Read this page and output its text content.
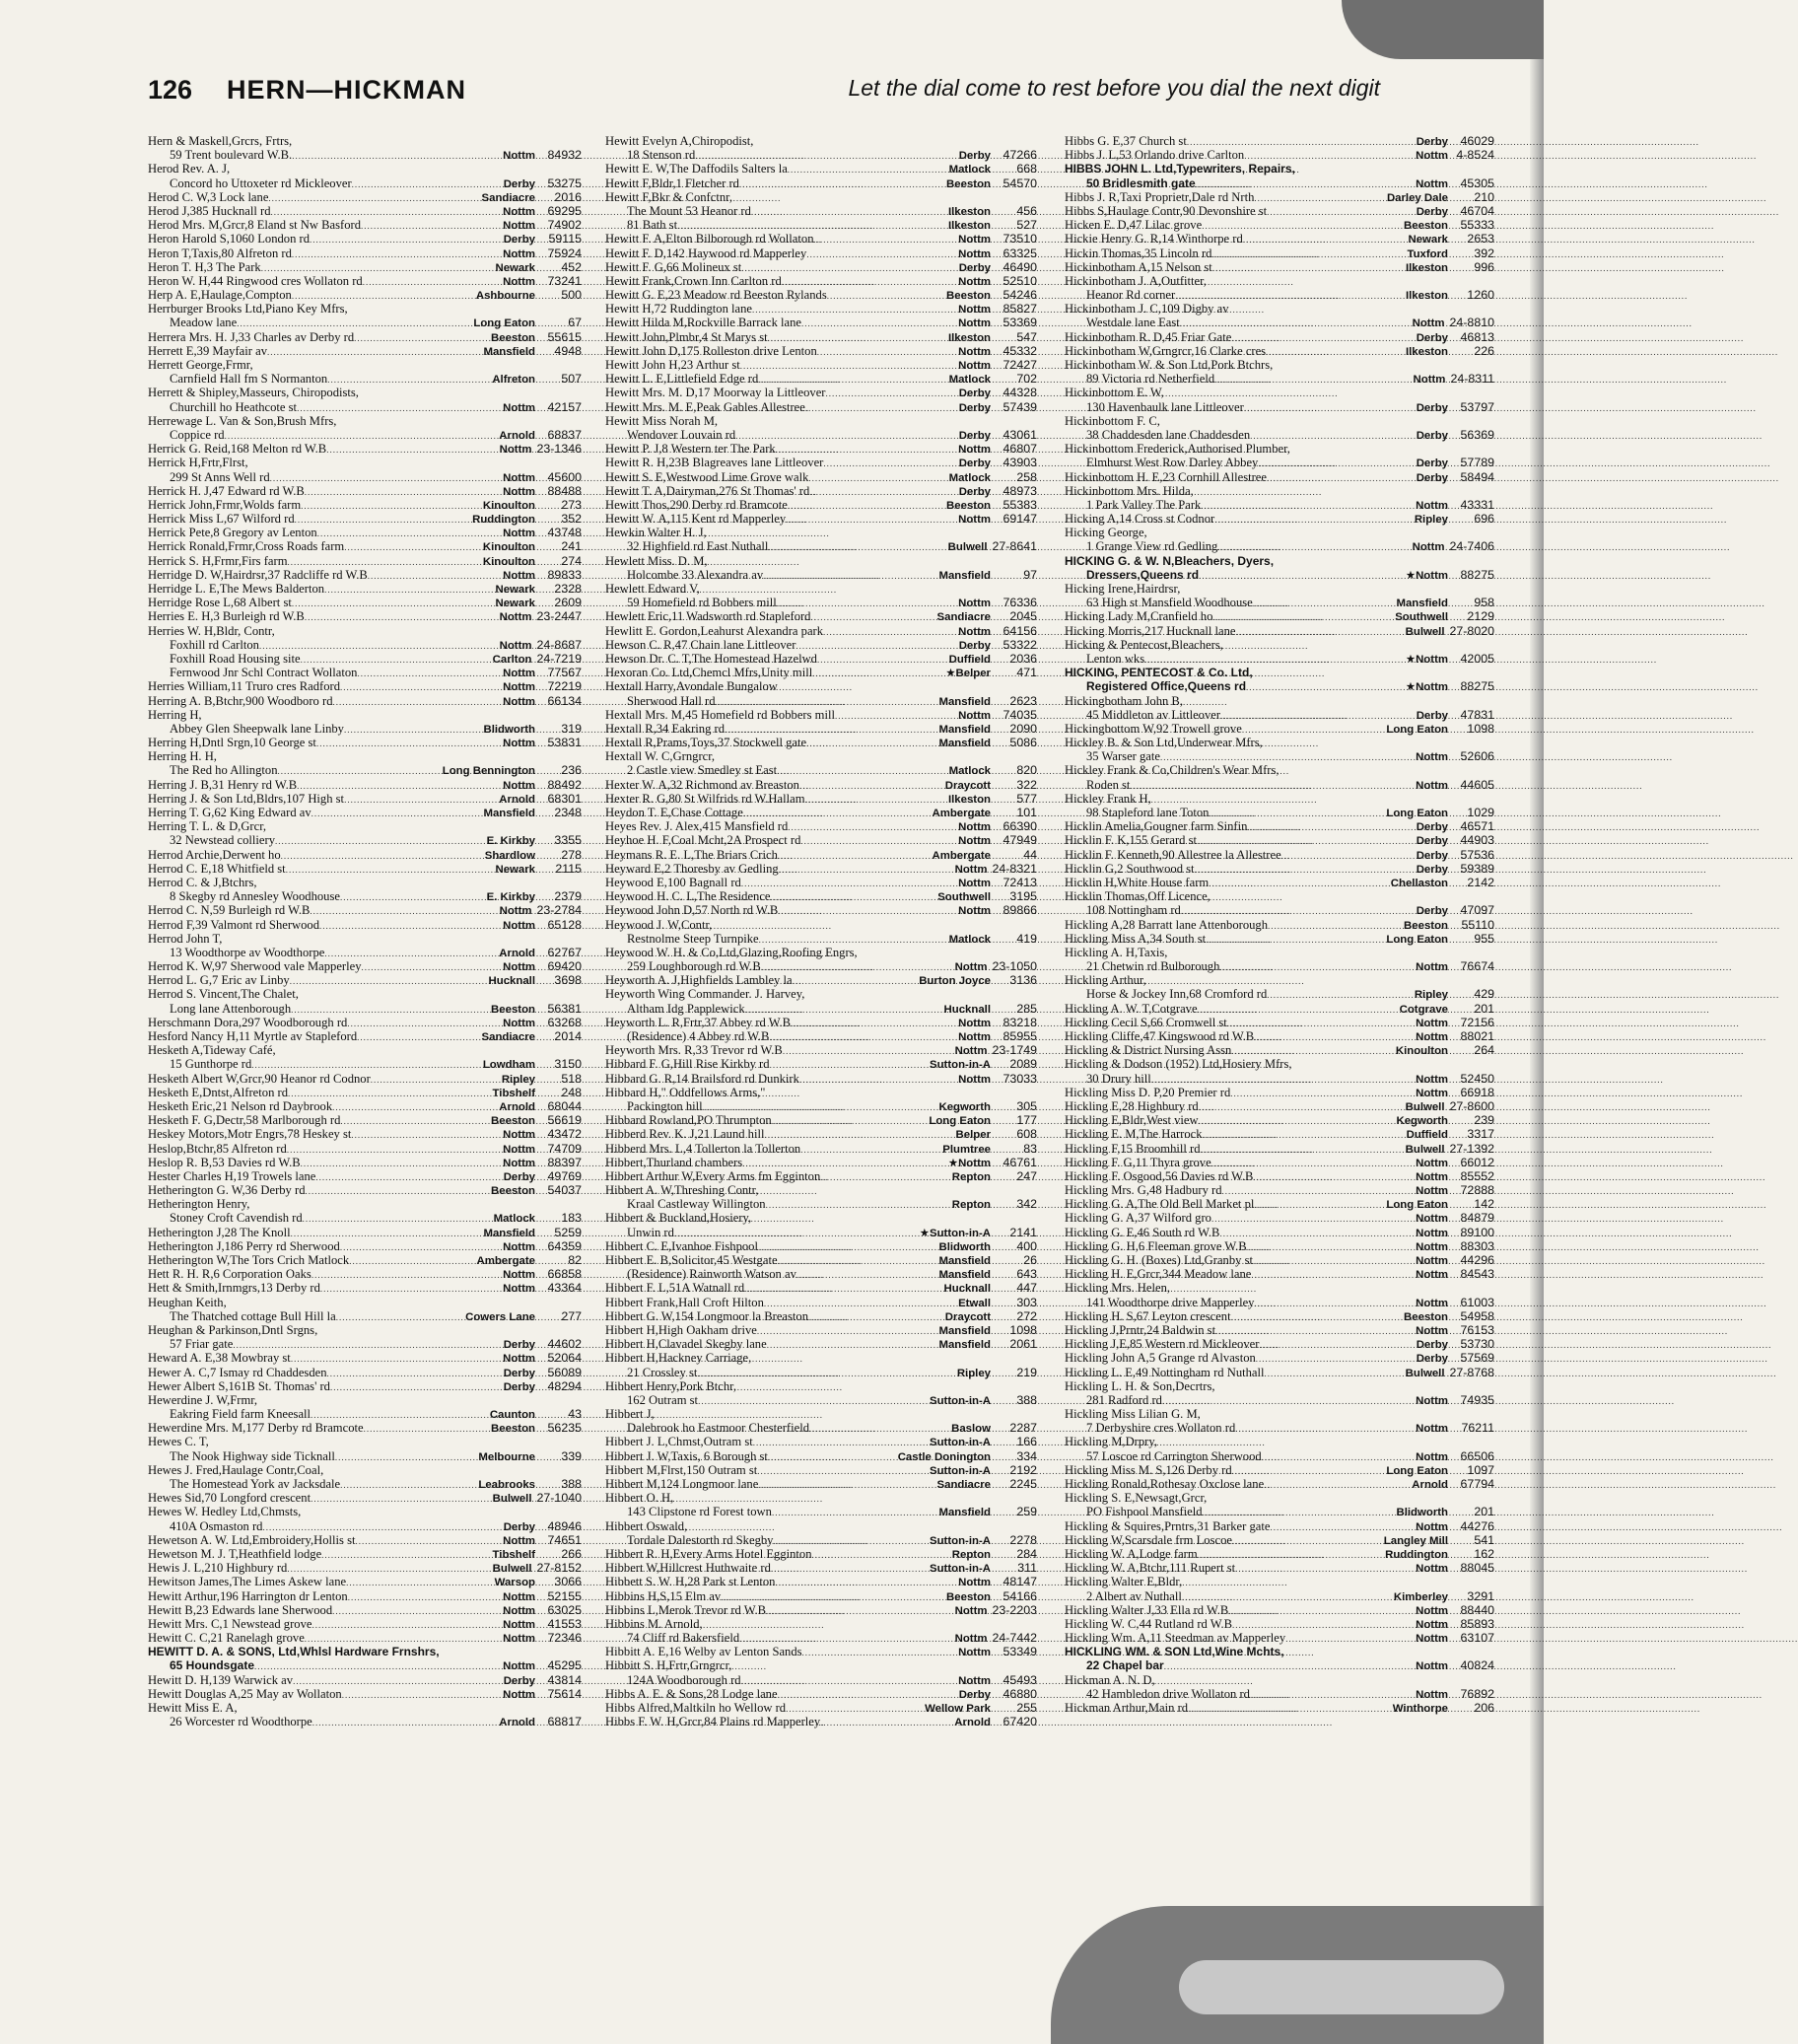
126 HERN—HICKMAN	Let the dial come to rest before you dial the next digit
Hern & Maskell,Grcrs, Frtrs,
59 Trent boulevard W.B. .....	Nottm	84932
Herod Rev. A. J,
Concord ho Uttoxeter rd Mickleover .....	Derby	53275
Herod C. W,3 Lock lane .....	Sandiacre	2016
Herod J,385 Hucknall rd .....	Nottm	69295
Herod Mrs. M,Grcr,8 Eland st Nw Basford .....	Nottm	74902
Heron Harold S,1060 London rd .....	Derby	59115
Heron T,Taxis,80 Alfreton rd .....	Nottm	75924
Heron T. H,3 The Park .....	Newark	452
Heron W. H,44 Ringwood cres Wollaton rd .....	Nottm	73241
Herp A. E,Haulage,Compton .....	Ashbourne	500
Herrburger Brooks Ltd,Piano Key Mfrs,
Meadow lane .....	Long Eaton	67
Herrera Mrs. H. J,33 Charles av Derby rd .....	Beeston	55615
Herrett E,39 Mayfair av .....	Mansfield	4948
Herrett George,Frmr,
Carnfield Hall fm S Normanton .....	Alfreton	507
Herrett & Shipley,Masseurs, Chiropodists,
Churchill ho Heathcote st .....	Nottm	42157
Herrewage L. Van & Son,Brush Mfrs,
Coppice rd .....	Arnold	68837
Herrick G. Reid,168 Melton rd W.B .....	Nottm 23-1346
Herrick H,Frtr,Flrst,
299 St Anns Well rd .....	Nottm	45600
Herrick H. J,47 Edward rd W.B .....	Nottm	88488
Herrick John,Frmr,Wolds farm .....	Kinoulton	273
Herrick Miss L,67 Wilford rd .....	Ruddington	352
Herrick Pete,8 Gregory av Lenton .....	Nottm	43748
Herrick Ronald,Frmr,Cross Roads farm .....	Kinoulton	241
Herrick S. H,Frmr,Firs farm .....	Kinoulton	274
Herridge D. W,Hairdrsr,37 Radcliffe rd W.B .....	Nottm	89833
Herridge L. E,The Mews Balderton .....	Newark	2328
Herridge Rose L,68 Albert st .....	Newark	2609
Herries E. H,3 Burleigh rd W.B .....	Nottm 23-2447
Herries W. H,Bldr, Contr,
Foxhill rd Carlton .....	Nottm 24-8687
Foxhill Road Housing site .....	Carlton 24-7219
Fernwood Jnr Schl Contract Wollaton .....	Nottm	77567
Herries William,11 Truro cres Radford .....	Nottm	72219
Herring A. B,Btchr,900 Woodboro rd .....	Nottm	66134
Herring H,
Abbey Glen Sheepwalk lane Linby .....	Blidworth	319
Herring H,Dntl Srgn,10 George st .....	Nottm	53831
Herring H. H,
The Red ho Allington .....	Long Bennington	236
Herring J. B,31 Henry rd W.B .....	Nottm	88492
Herring J. & Son Ltd,Bldrs,107 High st .....	Arnold	68301
Herring T. G,62 King Edward av .....	Mansfield	2348
Herring T. L. & D,Grcr,
32 Newstead colliery .....	E. Kirkby	3355
Herrod Archie,Derwent ho .....	Shardlow	278
Herrod C. E,18 Whitfield st .....	Newark	2115
Herrod C. & J,Btchrs,
8 Skegby rd Annesley Woodhouse .....	E. Kirkby	2379
Herrod C. N,59 Burleigh rd W.B .....	Nottm 23-2784
Herrod F,39 Valmont rd Sherwood .....	Nottm	65128
Herrod John T,
13 Woodthorpe av Woodthorpe .....	Arnold	62767
Herrod K. W,97 Sherwood vale Mapperley .....	Nottm	69420
Herrod L. G,7 Eric av Linby .....	Hucknall	3698
Herrod S. Vincent,The Chalet,
Long lane Attenborough .....	Beeston	56381
Herschmann Dora,297 Woodborough rd .....	Nottm	63268
Hesford Nancy H,11 Myrtle av Stapleford .....	Sandiacre	2014
Hesketh A,Tideway Café,
15 Gunthorpe rd .....	Lowdham	3150
Hesketh Albert W,Grcr,90 Heanor rd Codnor .....	Ripley	518
Hesketh E,Dntst,Alfreton rd .....	Tibshelf	248
Hesketh Eric,21 Nelson rd Daybrook .....	Arnold	68044
Hesketh F. G,Dectr,58 Marlborough rd .....	Beeston	56619
Heskey Motors,Motr Engrs,78 Heskey st .....	Nottm	43472
Heslop,Btchr,85 Alfreton rd .....	Nottm	74709
Heslop R. B,53 Davies rd W.B .....	Nottm	88397
Hester Charles H,19 Trowels lane .....	Derby	49769
Hetherington G. W,36 Derby rd .....	Beeston	54037
Hetherington Henry,
Stoney Croft Cavendish rd .....	Matlock	183
Hetherington J,28 The Knoll .....	Mansfield	5259
Hetherington J,186 Perry rd Sherwood .....	Nottm	64359
Hetherington W,The Tors Crich Matlock .....	Ambergate	82
Hett R. H. R,6 Corporation Oaks .....	Nottm	66858
Hett & Smith,Irnmgrs,13 Derby rd .....	Nottm	43364
Heughan Keith,
The Thatched cottage Bull Hill la .....	Cowers Lane	277
Heughan & Parkinson,Dntl Srgns,
57 Friar gate .....	Derby	44602
Heward A. E,38 Mowbray st .....	Nottm	52064
Hewer A. C,7 Ismay rd Chaddesden .....	Derby	56089
Hewer Albert S,161B St. Thomas' rd .....	Derby	48294
Hewerdine J. W,Frmr,
Eakring Field farm Kneesall .....	Caunton	43
Hewerdine Mrs. M,177 Derby rd Bramcote .....	Beeston	56235
Hewes C. T,
The Nook Highway side Ticknall .....	Melbourne	339
Hewes J. Fred,Haulage Contr,Coal,
The Homestead York av Jacksdale .....	Leabrooks	388
Hewes Sid,70 Longford crescent .....	Bulwell 27-1040
Hewes W. Hedley Ltd,Chmsts,
410A Osmaston rd .....	Derby	48946
Hewetson A. W. Ltd,Embroidery,Hollis st .....	Nottm	74651
Hewetson M. J. T,Heathfield lodge .....	Tibshelf	266
Hewis J. L,210 Highbury rd .....	Bulwell 27-8152
Hewitson James,The Limes Askew lane .....	Warsop	3066
Hewitt Arthur,196 Harrington dr Lenton .....	Nottm	52155
Hewitt B,23 Edwards lane Sherwood .....	Nottm	63025
Hewitt Mrs. C,1 Newstead grove .....	Nottm	41553
Hewitt C. C,21 Ranelagh grove .....	Nottm	72346
HEWITT D. A. & SONS, Ltd,Whlsl Hardware Frnshrs,
65 Houndsgate .....	Nottm	45295
Hewitt D. H,139 Warwick av .....	Derby	43814
Hewitt Douglas A,25 May av Wollaton .....	Nottm	75614
Hewitt Miss E. A,
26 Worcester rd Woodthorpe .....	Arnold	68817
Hewitt Evelyn A,Chiropodist,
18 Stenson rd .....	Derby	47266
Hewitt E. W,The Daffodils Salters la .....	Matlock	668
Hewitt F,Bldr,1 Fletcher rd .....	Beeston	54570
Hewitt F,Bkr & Confctnr,
The Mount 53 Heanor rd .....	Ilkeston	456
81 Bath st .....	Ilkeston	527
Hewitt F. A,Elton Bilborough rd Wollaton .....	Nottm	73510
Hewitt F. D,142 Haywood rd Mapperley .....	Nottm	63325
Hewitt F. G,66 Molineux st .....	Derby	46490
Hewitt Frank,Crown Inn Carlton rd .....	Nottm	52510
Hewitt G. E,23 Meadow rd Beeston Rylands .....	Beeston	54246
Hewitt H,72 Ruddington lane .....	Nottm	85827
Hewitt Hilda M,Rockville Barrack lane .....	Nottm	53369
Hewitt John,Plmbr,4 St Marys st .....	Ilkeston	547
Hewitt John D,175 Rolleston drive Lenton .....	Nottm	45332
Hewitt John H,23 Arthur st .....	Nottm	72427
Hewitt L. E,Littlefield Edge rd .....	Matlock	702
Hewitt Mrs. M. D,17 Moorway la Littleover .....	Derby	44328
Hewitt Mrs. M. E,Peak Gables Allestree .....	Derby	57439
Hewitt Miss Norah M,
Wendover Louvain rd .....	Derby	43061
Hewitt P. J,8 Western ter The Park .....	Nottm	46807
Hewitt R. H,23B Blagreaves lane Littleover .....	Derby	43903
Hewitt S. E,Westwood Lime Grove walk .....	Matlock	258
Hewitt T. A,Dairyman,276 St Thomas' rd .....	Derby	48973
Hewitt Thos,290 Derby rd Bramcote .....	Beeston	55383
Hewitt W. A,115 Kent rd Mapperley .....	Nottm	69147
Hewkin Walter H. J,
32 Highfield rd East Nuthall .....	Bulwell 27-8641
Hewlett Miss. D. M,
Holcombe 33 Alexandra av .....	Mansfield	97
Hewlett Edward V,
59 Homefield rd Bobbers mill .....	Nottm	76336
Hewlett Eric,11 Wadsworth rd Stapleford .....	Sandiacre	2045
Hewlitt E. Gordon,Leahurst Alexandra park .....	Nottm	64156
Hewson C. R,47 Chain lane Littleover .....	Derby	53322
Hewson Dr. C. T,The Homestead Hazelwd .....	Duffield	2036
Hexoran Co. Ltd,Chemcl Mfrs,Unity mill .....	★Belper	471
Hextall Harry,Avondale Bungalow
Sherwood Hall rd .....	Mansfield	2623
Hextall Mrs. M,45 Homefield rd Bobbers mill .....	Nottm	74035
Hextall R,34 Eakring rd .....	Mansfield	2090
Hextall R,Prams,Toys,37 Stockwell gate .....	Mansfield	5086
Hextall W. C,Grngrcr,
2 Castle view Smedley st East .....	Matlock	820
Hexter W. A,32 Richmond av Breaston .....	Draycott	322
Hexter R. G,80 St Wilfrids rd W.Hallam .....	Ilkeston	577
Heydon T. E,Chase Cottage .....	Ambergate	101
Heyes Rev. J. Alex,415 Mansfield rd .....	Nottm	66390
Heyhoe H. F,Coal Mcht,2A Prospect rd .....	Nottm	47949
Heymans R. E. L,The Briars Crich .....	Ambergate	44
Heyward E,2 Thoresby av Gedling .....	Nottm 24-8321
Heywood E,100 Bagnall rd .....	Nottm	72413
Heywood H. C. L,The Residence .....	Southwell	3195
Heywood John D,57 North rd W.B .....	Nottm	89866
Heywood J. W,Contr,
Restnolme Steep Turnpike .....	Matlock	419
Heywood W. H. & Co,Ltd,Glazing,Roofing Engrs,
259 Loughborough rd W.B .....	Nottm 23-1050
Heyworth A. J,Highfields Lambley la .....	Burton Joyce	3136
Heyworth Wing Commander. J. Harvey,
Altham Idg Papplewick .....	Hucknall	285
Heyworth L. R,Frtr,37 Abbey rd W.B .....	Nottm	83218
(Residence) 4 Abbey rd W.B .....	Nottm	85955
Heyworth Mrs. R,33 Trevor rd W.B .....	Nottm 23-1749
Hibbard F. G,Hill Rise Kirkby rd .....	Sutton-in-A	2089
Hibbard G. R,14 Brailsford rd Dunkirk .....	Nottm	73033
Hibbard H," Oddfellows Arms,"
Packington hill .....	Kegworth	305
Hibbard Rowland,PO Thrumpton .....	Long Eaton	177
Hibberd Rev. K. J,21 Laund hill .....	Belper	608
Hibberd Mrs. L,4 Tollerton la Tollerton .....	Plumtree	83
Hibbert,Thurland chambers .....	★Nottm	46761
Hibbert Arthur W,Every Arms fm Egginton .....	Repton	247
Hibbert A. W,Threshing Contr,
Kraal Castleway Willington .....	Repton	342
Hibbert & Buckland,Hosiery,
Unwin rd .....	★Sutton-in-A	2141
Hibbert C. E,Ivanhoe Fishpool .....	Blidworth	400
Hibbert E. B,Solicitor,45 Westgate .....	Mansfield	26
(Residence) Rainworth Watson av .....	Mansfield	643
Hibbert F. L,51A Watnall rd .....	Hucknall	447
Hibbert Frank,Hall Croft Hilton .....	Etwall	303
Hibbert G. W,154 Longmoor la Breaston .....	Draycott	272
Hibbert H,High Oakham drive .....	Mansfield	1098
Hibbert H,Clavadel Skegby lane .....	Mansfield	2061
Hibbert H,Hackney Carriage,
21 Crossley st .....	Ripley	219
Hibbert Henry,Pork Btchr,
162 Outram st .....	Sutton-in-A	388
Hibbert J,
Dalebrook ho Eastmoor Chesterfield .....	Baslow	2287
Hibbert J. L,Chmst,Outram st .....	Sutton-in-A	166
Hibbert J. W,Taxis, 6 Borough st .....	Castle Donington	334
Hibbert M,Flrst,150 Outram st .....	Sutton-in-A	2192
Hibbert M,124 Longmoor lane .....	Sandiacre	2245
Hibbert O. H,
143 Clipstone rd Forest town .....	Mansfield	259
Hibbert Oswald,
Tordale Dalestorth rd Skegby .....	Sutton-in-A	2278
Hibbert R. H,Every Arms Hotel Egginton .....	Repton	284
Hibbert W,Hillcrest Huthwaite rd .....	Sutton-in-A	311
Hibbett S. W. H,28 Park st Lenton .....	Nottm	48147
Hibbins H,S,15 Elm av .....	Beeston	54166
Hibbins L,Merok Trevor rd W.B .....	Nottm 23-2203
Hibbins M. Arnold,
74 Cliff rd Bakersfield .....	Nottm 24-7442
Hibbitt A. E,16 Welby av Lenton Sands .....	Nottm	53349
Hibbitt S. H,Frtr,Grngrcr,
124A Woodborough rd .....	Nottm	45493
Hibbs A. E. & Sons,28 Lodge lane .....	Derby	46880
Hibbs Alfred,Maltkiln ho Wellow rd .....	Wellow Park	255
Hibbs F. W. H,Grcr,84 Plains rd Mapperley .....	Arnold	67420
Hibbs G. E,37 Church st .....	Derby	46029
Hibbs J. L,53 Orlando drive Carlton .....	Nottm 4-8524
HIBBS JOHN L. Ltd,Typewriters, Repairs,
50 Bridlesmith gate .....	Nottm	45305
Hibbs J. R,Taxi Proprietr,Dale rd Nrth .....	Darley Dale	210
Hibbs S,Haulage Contr,90 Devonshire st .....	Derby	46704
Hicken E. D,47 Lilac grove .....	Beeston	55333
Hickie Henry G. R,14 Winthorpe rd .....	Newark	2653
Hickin Thomas,35 Lincoln rd .....	Tuxford	392
Hickinbotham A,15 Nelson st .....	Ilkeston	996
Hickinbotham J. A,Outfitter,
Heanor Rd corner .....	Ilkeston	1260
Hickinbotham J. C,109 Digby av
Westdale lane East .....	Nottm 24-8810
Hickinbotham R. D,45 Friar Gate .....	Derby	46813
Hickinbotham W,Grngrcr,16 Clarke cres .....	Ilkeston	226
Hickinbotham W. & Son Ltd,Pork Btchrs,
89 Victoria rd Netherfield .....	Nottm 24-8311
Hickinbottom E. W,
130 Havenbaulk lane Littleover .....	Derby	53797
Hickinbottom F. C,
38 Chaddesden lane Chaddesden .....	Derby	56369
Hickinbottom Frederick,Authorised Plumber,
Elmhurst West Row Darley Abbey .....	Derby	57789
Hickinbottom H. E,23 Cornhill Allestree .....	Derby	58494
Hickinbottom Mrs. Hilda,
1 Park Valley The Park .....	Nottm	43331
Hicking A,14 Cross st Codnor .....	Ripley	696
Hicking George,
1 Grange View rd Gedling .....	Nottm 24-7406
HICKING G. & W. N,Bleachers, Dyers,
Dressers,Queens rd .....	★Nottm	88275
Hicking Irene,Hairdrsr,
63 High st Mansfield Woodhouse .....	Mansfield	958
Hicking Lady M,Cranfield ho .....	Southwell	2129
Hicking Morris,217 Hucknall lane .....	Bulwell 27-8020
Hicking & Pentecost,Bleachers,
Lenton wks .....	★Nottm	42005
HICKING, PENTECOST & Co. Ltd,
Registered Office,Queens rd .....	★Nottm	88275
Hickingbotham John B,
45 Middleton av Littleover .....	Derby	47831
Hickingbottom W,92 Trowell grove .....	Long Eaton	1098
Hickley B. & Son Ltd,Underwear Mfrs,
35 Warser gate .....	Nottm	52606
Hickley Frank & Co,Children's Wear Mfrs,
Roden st .....	Nottm	44605
Hickley Frank H,
98 Stapleford lane Toton .....	Long Eaton	1029
Hicklin Amelia,Gougner farm Sinfin .....	Derby	46571
Hicklin F. K,155 Gerard st .....	Derby	44903
Hicklin F. Kenneth,90 Allestree la Allestree .....	Derby	57536
Hicklin G,2 Southwood st .....	Derby	59389
Hicklin H,White House farm .....	Chellaston	2142
Hicklin Thomas,Off Licence,
108 Nottingham rd .....	Derby	47097
Hickling A,28 Barratt lane Attenborough .....	Beeston	55110
Hickling Miss A,34 South st .....	Long Eaton	955
Hickling A. H,Taxis,
21 Chetwin rd Bulborough .....	Nottm	76674
Hickling Arthur,
Horse & Jockey Inn,68 Cromford rd .....	Ripley	429
Hickling A. W. T,Cotgrave .....	Cotgrave	201
Hickling Cecil S,66 Cromwell st .....	Nottm	72156
Hickling Cliffe,47 Kingswood rd W.B .....	Nottm	88021
Hickling & District Nursing Assn .....	Kinoulton	264
Hickling & Dodson (1952) Ltd,Hosiery Mfrs,
30 Drury hill .....	Nottm	52450
Hickling Miss D. P,20 Premier rd .....	Nottm	66918
Hickling E,28 Highbury rd .....	Bulwell 27-8600
Hickling E,Bldr,West view .....	Kegworth	239
Hickling E. M,The Harrock .....	Duffield	3317
Hickling F,15 Broomhill rd .....	Bulwell 27-1392
Hickling F. G,11 Thyra grove .....	Nottm	66012
Hickling F. Osgood,56 Davies rd W.B .....	Nottm	85552
Hickling Mrs. G,48 Hadbury rd .....	Nottm	72888
Hickling G. A,The Old Bell Market pl .....	Long Eaton	142
Hickling G. A,37 Wilford gro .....	Nottm	84879
Hickling G. E,46 South rd W.B .....	Nottm	89100
Hickling G. H,6 Fleeman grove W.B .....	Nottm	88303
Hickling G. H. (Boxes) Ltd,Granby st .....	Nottm	44296
Hickling H. E,Grcr,344 Meadow lane .....	Nottm	84543
Hickling Mrs. Helen,
141 Woodthorpe drive Mapperley .....	Nottm	61003
Hickling H. S,67 Leyton crescent .....	Beeston	54958
Hickling J,Prntr,24 Baldwin st .....	Nottm	76153
Hickling J,E,85 Western rd Mickleover .....	Derby	53730
Hickling John A,5 Grange rd Alvaston .....	Derby	57569
Hickling L. E,49 Nottingham rd Nuthall .....	Bulwell 27-8768
Hickling L. H. & Son,Decrtrs,
281 Radford rd .....	Nottm	74935
Hickling Miss Lilian G. M,
7 Derbyshire cres Wollaton rd .....	Nottm	76211
Hickling M,Drpry,
57 Loscoe rd Carrington Sherwood .....	Nottm	66506
Hickling Miss M. S,126 Derby rd .....	Long Eaton	1097
Hickling Ronald,Rothesay Oxclose lane .....	Arnold	67794
Hickling S. E,Newsagt,Grcr,
PO Fishpool Mansfield .....	Blidworth	201
Hickling & Squires,Prntrs,31 Barker gate .....	Nottm	44276
Hickling W,Scarsdale frm Loscoe .....	Langley Mill	541
Hickling W. A,Lodge farm .....	Ruddington	162
Hickling W. A,Btchr,111 Rupert st .....	Nottm	88045
Hickling Walter E,Bldr,
2 Albert av Nuthall .....	Kimberley	3291
Hickling Walter J,33 Ella rd W.B .....	Nottm	88440
Hickling W. C,44 Rutland rd W.B .....	Nottm	85893
Hickling Wm. A,11 Steedman av Mapperley .....	Nottm	63107
HICKLING WM. & SON Ltd,Wine Mchts,
22 Chapel bar .....	Nottm	40824
Hickman A. N. D,
42 Hambledon drive Wollaton rd .....	Nottm	76892
Hickman Arthur,Main rd .....	Winthorpe	206
